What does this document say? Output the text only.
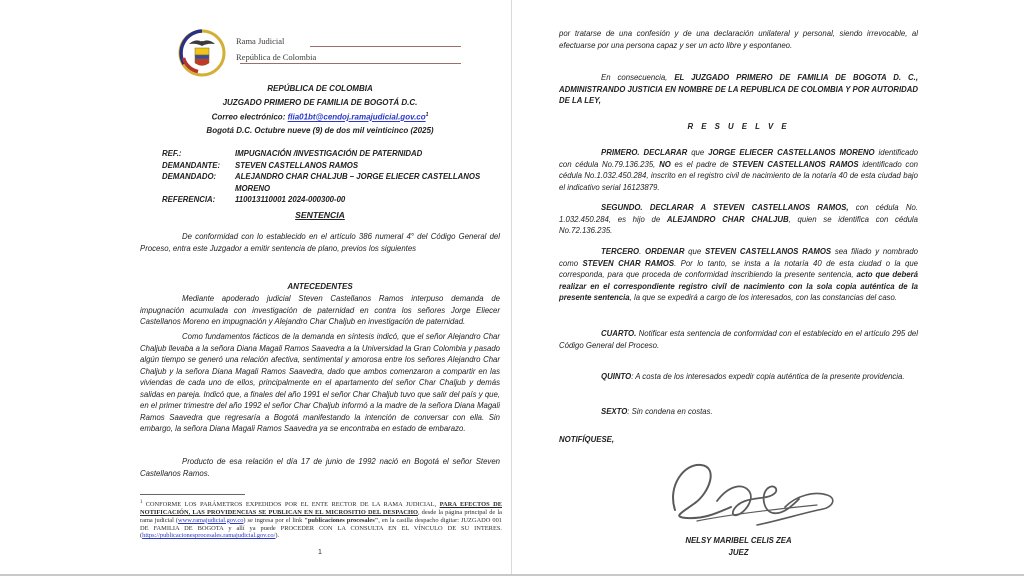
Rama Judicial
República de Colombia
REPÚBLICA DE COLOMBIA
JUZGADO PRIMERO DE FAMILIA DE BOGOTÁ D.C.
Correo electrónico: $flia01bt@cendoj.ramajudicial.gov.co^1$
Bogotá D.C. Octubre nueve (9) de dos mil veinticinco (2025)
REF.:	IMPUGNACIÓN /INVESTIGACIÓN DE PATERNIDAD
DEMANDANTE:	STEVEN CASTELLANOS RAMOS
DEMANDADO:	ALEJANDRO CHAR CHALJUB – JORGE ELIECER CASTELLANOS MORENO
REFERENCIA:	110013110001 2024-000300-00
SENTENCIA
De conformidad con lo establecido en el artículo 386 numeral 4° del Código General del Proceso, entra este Juzgador a emitir sentencia de plano, previos los siguientes
ANTECEDENTES
Mediante apoderado judicial Steven Castellanos Ramos interpuso demanda de impugnación acumulada con investigación de paternidad en contra los señores Jorge Eliecer Castellanos Moreno en impugnación y Alejandro Char Chaljub en investigación de paternidad.
Como fundamentos fácticos de la demanda en síntesis indicó, que el señor Alejandro Char Chaljub llevaba a la señora Diana Magali Ramos Saavedra a la Universidad la Gran Colombia y pasado algún tiempo se generó una relación afectiva, sentimental y amorosa entre los señores Alejandro Char Chaljub y la señora Diana Magali Ramos Saavedra, dado que ambos comenzaron a compartir en las viviendas de cada uno de ellos, principalmente en el apartamento del señor Char Chaljub y demás salidas en pareja. Indicó que, a finales del año 1991 el señor Char Chaljub tuvo que salir del país y que, en el primer trimestre del año 1992 el señor Char Chaljub informó a la madre de la señora Diana Magali Ramos Saavedra que regresaría a Bogotá manifestando la intención de conversar con ella. Sin embargo, la señora Diana Magali Ramos Saavedra ya se encontraba en estado de embarazo.
Producto de esa relación el día 17 de junio de 1992 nació en Bogotá el señor Steven Castellanos Ramos.
$^1$ CONFORME LOS PARÁMETROS EXPEDIDOS POR EL ENTE RECTOR DE LA RAMA JUDICIAL, PARA EFECTOS DE NOTIFICACIÓN, LAS PROVIDENCIAS SE PUBLICAN EN EL MICROSITIO DEL DESPACHO, desde la página principal de la rama judicial (www.ramajudicial.gov.co) se ingresa por el link "publicaciones procesales", en la casilla despacho digitar: JUZGADO 001 DE FAMILIA DE BOGOTA y allí ya puede PROCEDER CON LA CONSULTA EN EL VÍNCULO DE SU INTERES. (https://publicacionesprocesales.ramajudicial.gov.co/).
1
por tratarse de una confesión y de una declaración unilateral y personal, siendo irrevocable, al efectuarse por una persona capaz y ser un acto libre y espontaneo.
En consecuencia, EL JUZGADO PRIMERO DE FAMILIA DE BOGOTA D. C., ADMINISTRANDO JUSTICIA EN NOMBRE DE LA REPUBLICA DE COLOMBIA Y POR AUTORIDAD DE LA LEY,
R E S U E L V E
PRIMERO. DECLARAR que JORGE ELIECER CASTELLANOS MORENO identificado con cédula No.79.136.235, NO es el padre de STEVEN CASTELLANOS RAMOS identificado con cédula No.1.032.450.284, inscrito en el registro civil de nacimiento de la notaría 40 de esta ciudad bajo el indicativo serial 16123879.
SEGUNDO. DECLARAR A STEVEN CASTELLANOS RAMOS, con cédula No. 1.032.450.284, es hijo de ALEJANDRO CHAR CHALJUB, quien se identifica con cédula No.72.136.235.
TERCERO. ORDENAR que STEVEN CASTELLANOS RAMOS sea filiado y nombrado como STEVEN CHAR RAMOS. Por lo tanto, se insta a la notaría 40 de esta ciudad o la que corresponda, para que proceda de conformidad inscribiendo la presente sentencia, acto que deberá realizar en el correspondiente registro civil de nacimiento con la sola copia auténtica de la presente sentencia, la que se expedirá a cargo de los interesados, con las constancias del caso.
CUARTO. Notificar esta sentencia de conformidad con el establecido en el artículo 295 del Código General del Proceso.
QUINTO: A costa de los interesados expedir copia auténtica de la presente providencia.
SEXTO: Sin condena en costas.
NOTIFÍQUESE,
NELSY MARIBEL CELIS ZEA
JUEZ
